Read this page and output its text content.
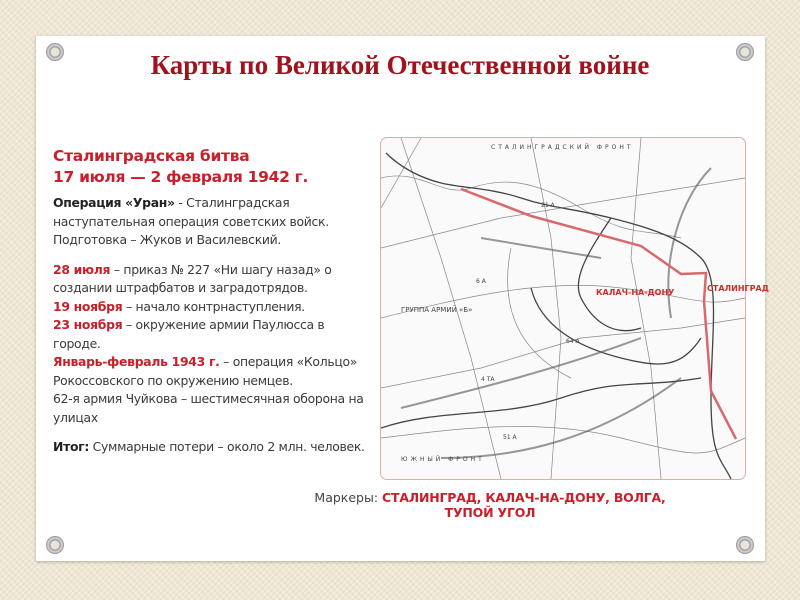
Карты по Великой Отечественной войне
Сталинградская битва
17 июля — 2 февраля 1942 г.
Операция «Уран» - Сталинградская наступательная операция советских войск. Подготовка – Жуков и Василевский.
28 июля – приказ № 227 «Ни шагу назад» о создании штрафбатов и заградотрядов.
19 ноября – начало контрнаступления.
23 ноября – окружение армии Паулюсса в городе.
Январь-февраль 1943 г. – операция «Кольцо» Рокоссовского по окружению немцев.
62-я армия Чуйкова – шестимесячная оборона на улицах
Итог: Суммарные потери – около 2 млн. человек.
СТАЛИНГРАДСКИЙ ФРОНТ
ГРУППА АРМИЙ «Б»
ЮЖНЫЙ ФРОНТ
6 А
21 А
4 ТА
51 А
64 А
КАЛАЧ-НА-ДОНУ	СТАЛИНГРАД
Маркеры: СТАЛИНГРАД, КАЛАЧ-НА-ДОНУ, ВОЛГА, ТУПОЙ УГОЛ
